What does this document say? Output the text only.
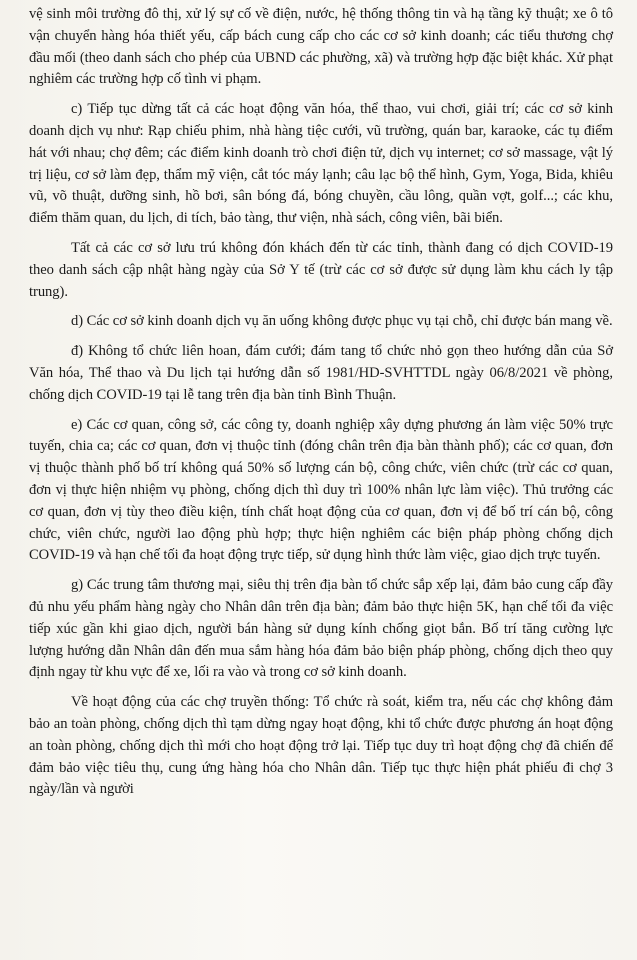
vệ sinh môi trường đô thị, xử lý sự cố về điện, nước, hệ thống thông tin và hạ tầng kỹ thuật; xe ô tô vận chuyển hàng hóa thiết yếu, cấp bách cung cấp cho các cơ sở kinh doanh; các tiểu thương chợ đầu mối (theo danh sách cho phép của UBND các phường, xã) và trường hợp đặc biệt khác. Xử phạt nghiêm các trường hợp cố tình vi phạm.

c) Tiếp tục dừng tất cả các hoạt động văn hóa, thể thao, vui chơi, giải trí; các cơ sở kinh doanh dịch vụ như: Rạp chiếu phim, nhà hàng tiệc cưới, vũ trường, quán bar, karaoke, các tụ điểm hát với nhau; chợ đêm; các điểm kinh doanh trò chơi điện tử, dịch vụ internet; cơ sở massage, vật lý trị liệu, cơ sở làm đẹp, thẩm mỹ viện, cắt tóc máy lạnh; câu lạc bộ thể hình, Gym, Yoga, Bida, khiêu vũ, võ thuật, dưỡng sinh, hồ bơi, sân bóng đá, bóng chuyền, cầu lông, quần vợt, golf...; các khu, điểm thăm quan, du lịch, di tích, bảo tàng, thư viện, nhà sách, công viên, bãi biển.

Tất cả các cơ sở lưu trú không đón khách đến từ các tỉnh, thành đang có dịch COVID-19 theo danh sách cập nhật hàng ngày của Sở Y tế (trừ các cơ sở được sử dụng làm khu cách ly tập trung).

d) Các cơ sở kinh doanh dịch vụ ăn uống không được phục vụ tại chỗ, chỉ được bán mang về.

đ) Không tổ chức liên hoan, đám cưới; đám tang tổ chức nhỏ gọn theo hướng dẫn của Sở Văn hóa, Thể thao và Du lịch tại hướng dẫn số 1981/HD-SVHTTDL ngày 06/8/2021 về phòng, chống dịch COVID-19 tại lễ tang trên địa bàn tỉnh Bình Thuận.

e) Các cơ quan, công sở, các công ty, doanh nghiệp xây dựng phương án làm việc 50% trực tuyến, chia ca; các cơ quan, đơn vị thuộc tỉnh (đóng chân trên địa bàn thành phố); các cơ quan, đơn vị thuộc thành phố bố trí không quá 50% số lượng cán bộ, công chức, viên chức (trừ các cơ quan, đơn vị thực hiện nhiệm vụ phòng, chống dịch thì duy trì 100% nhân lực làm việc). Thủ trưởng các cơ quan, đơn vị tùy theo điều kiện, tính chất hoạt động của cơ quan, đơn vị để bố trí cán bộ, công chức, viên chức, người lao động phù hợp; thực hiện nghiêm các biện pháp phòng chống dịch COVID-19 và hạn chế tối đa hoạt động trực tiếp, sử dụng hình thức làm việc, giao dịch trực tuyến.

g) Các trung tâm thương mại, siêu thị trên địa bàn tổ chức sắp xếp lại, đảm bảo cung cấp đầy đủ nhu yếu phẩm hàng ngày cho Nhân dân trên địa bàn; đảm bảo thực hiện 5K, hạn chế tối đa việc tiếp xúc gần khi giao dịch, người bán hàng sử dụng kính chống giọt bắn. Bố trí tăng cường lực lượng hướng dẫn Nhân dân đến mua sắm hàng hóa đảm bảo biện pháp phòng, chống dịch theo quy định ngay từ khu vực để xe, lối ra vào và trong cơ sở kinh doanh.

Về hoạt động của các chợ truyền thống: Tổ chức rà soát, kiểm tra, nếu các chợ không đảm bảo an toàn phòng, chống dịch thì tạm dừng ngay hoạt động, khi tổ chức được phương án hoạt động an toàn phòng, chống dịch thì mới cho hoạt động trở lại. Tiếp tục duy trì hoạt động chợ đã chiến để đảm bảo việc tiêu thụ, cung ứng hàng hóa cho Nhân dân. Tiếp tục thực hiện phát phiếu đi chợ 3 ngày/lần và người
